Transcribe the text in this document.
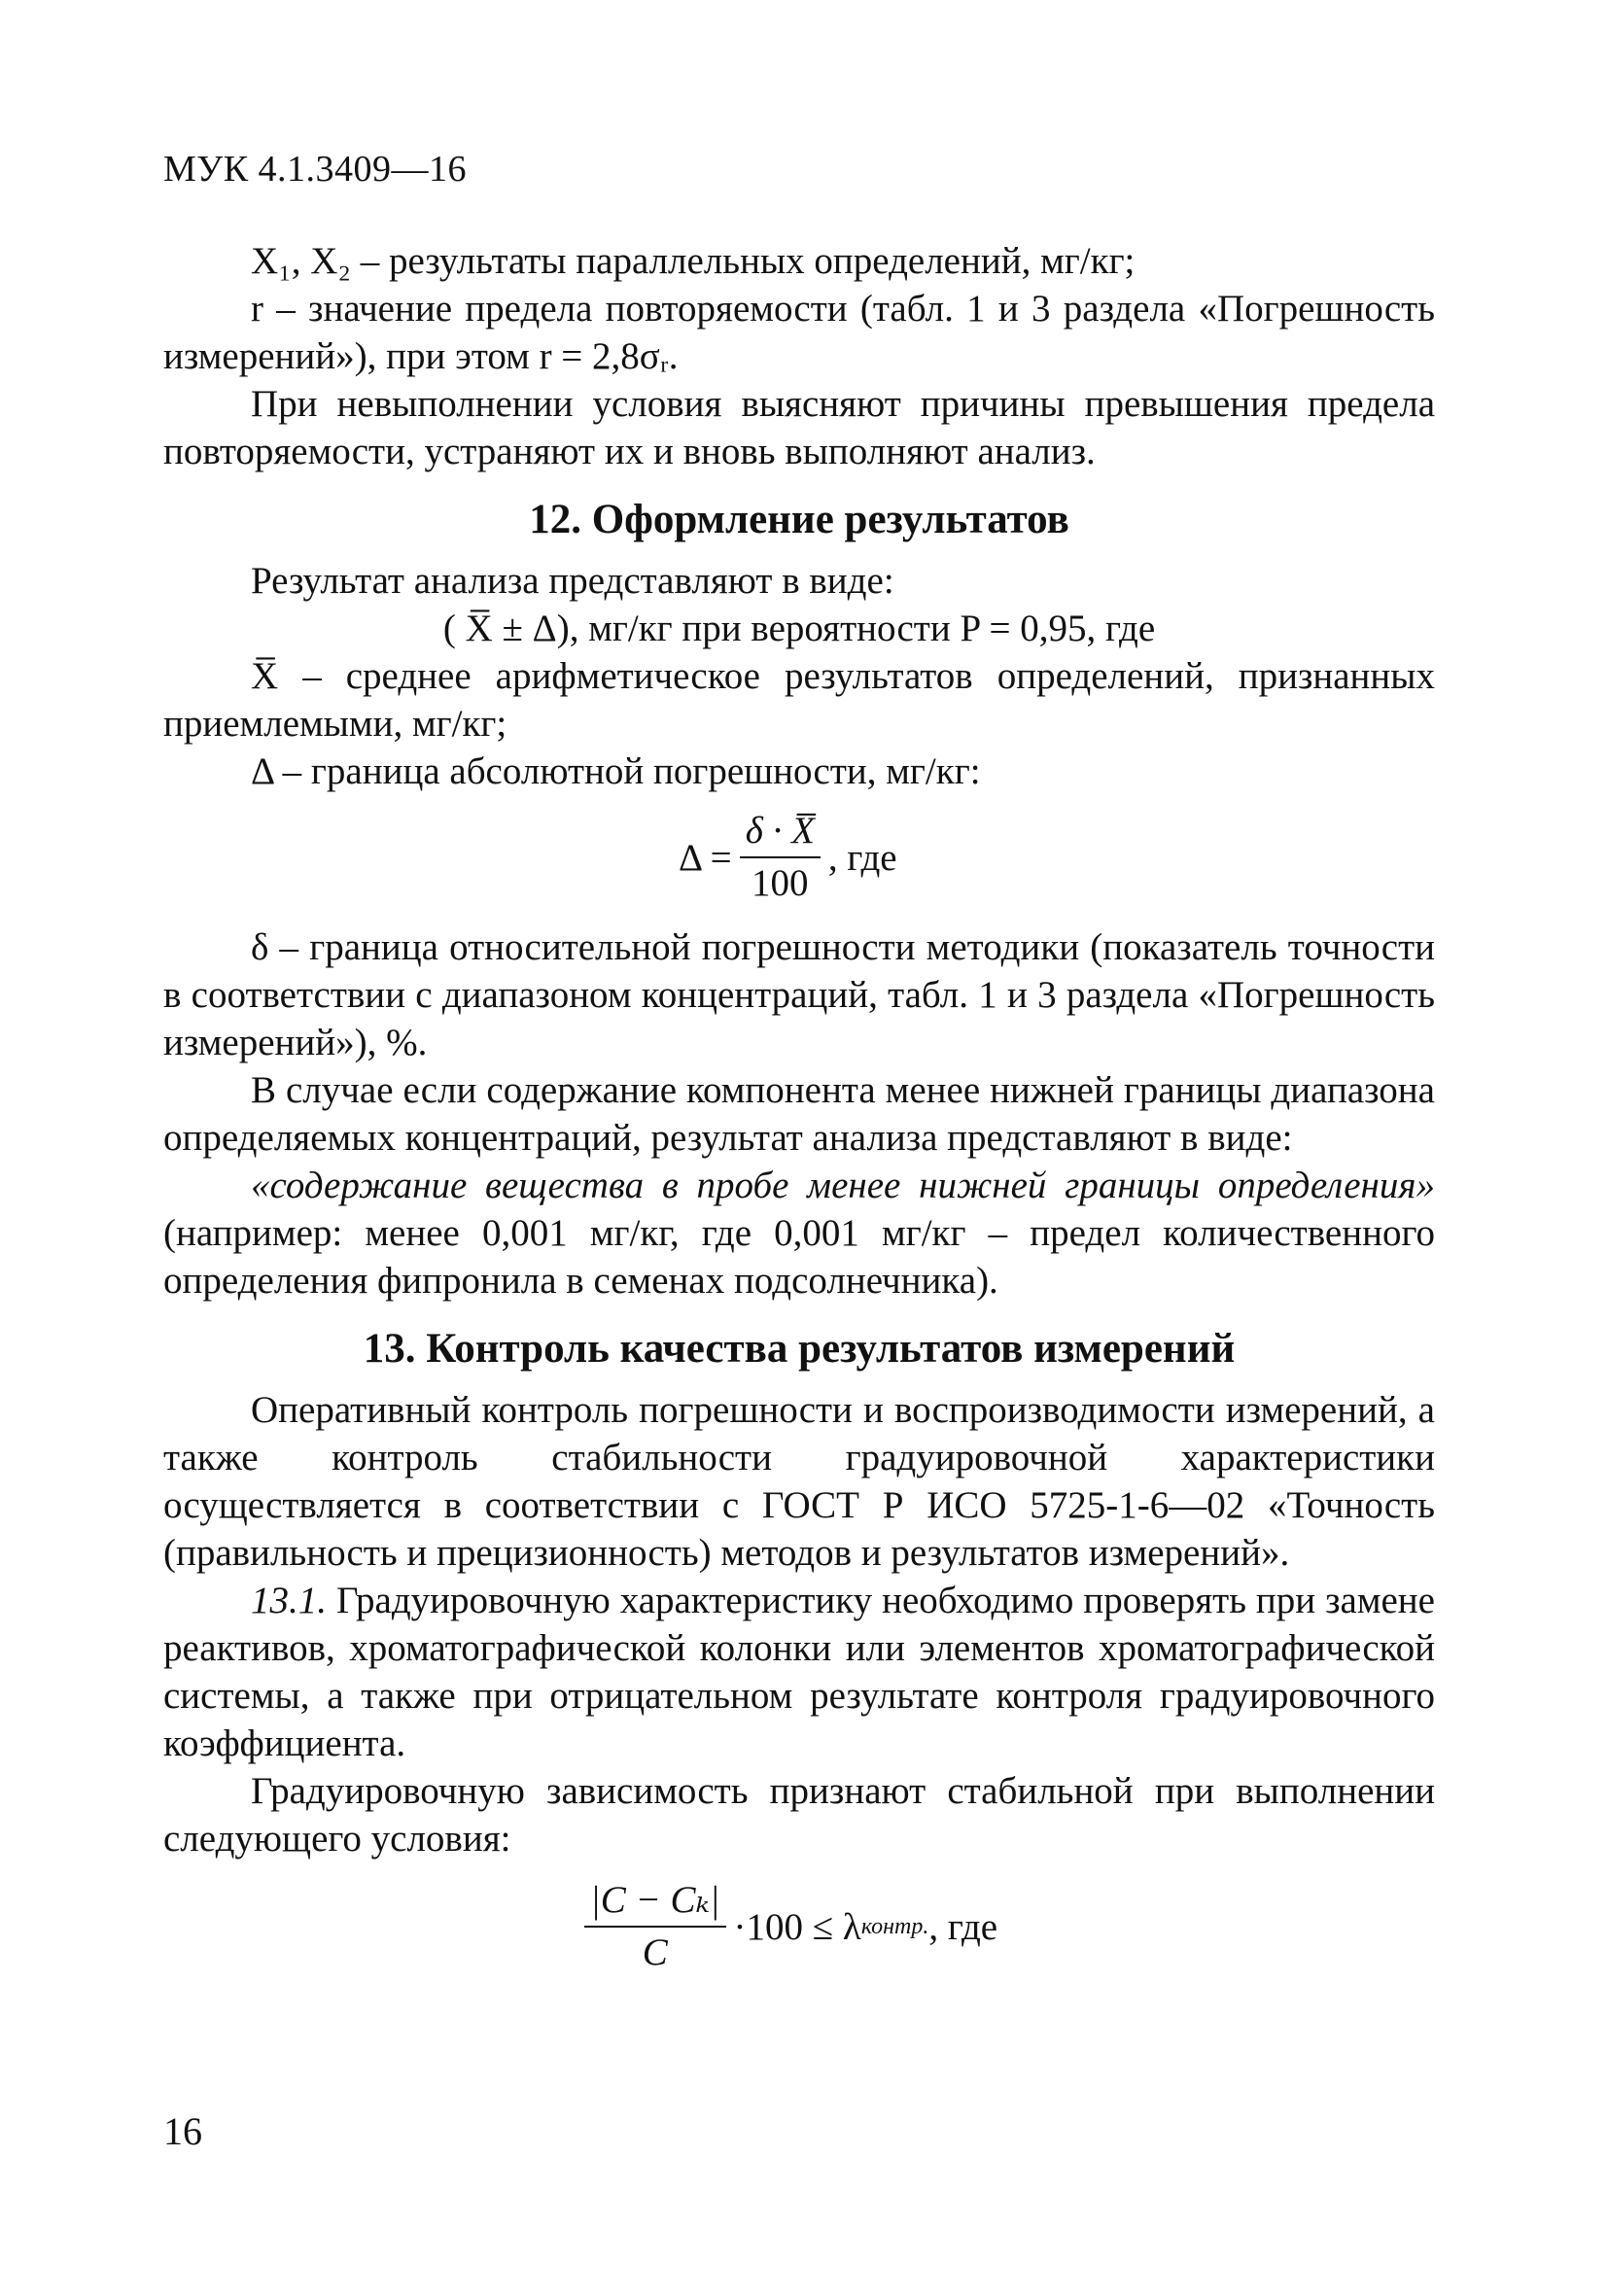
МУК 4.1.3409—16

X₁, X₂ – результаты параллельных определений, мг/кг;

r – значение предела повторяемости (табл. 1 и 3 раздела «Погрешность измерений»), при этом r = 2,8σᵣ.

При невыполнении условия выясняют причины превышения предела повторяемости, устраняют их и вновь выполняют анализ.

12. Оформление результатов

Результат анализа представляют в виде:

( X̅ ± Δ), мг/кг при вероятности P = 0,95, где

X̅ – среднее арифметическое результатов определений, признанных приемлемыми, мг/кг;

Δ – граница абсолютной погрешности, мг/кг:

$\Delta = \frac{\delta \cdot X̅}{100}$ , где

δ – граница относительной погрешности методики (показатель точности в соответствии с диапазоном концентраций, табл. 1 и 3 раздела «Погрешность измерений»), %.

В случае если содержание компонента менее нижней границы диапазона определяемых концентраций, результат анализа представляют в виде:

«содержание вещества в пробе менее нижней границы определения» (например: менее 0,001 мг/кг, где 0,001 мг/кг – предел количественного определения фипронила в семенах подсолнечника).

13. Контроль качества результатов измерений

Оперативный контроль погрешности и воспроизводимости измерений, а также контроль стабильности градуировочной характеристики осуществляется в соответствии с ГОСТ Р ИСО 5725-1-6—02 «Точность (правильность и прецизионность) методов и результатов измерений».

13.1. Градуировочную характеристику необходимо проверять при замене реактивов, хроматографической колонки или элементов хроматографической системы, а также при отрицательном результате контроля градуировочного коэффициента.

Градуировочную зависимость признают стабильной при выполнении следующего условия:

$\frac{\text{|C − Cₖ|}}{C} \cdot 100 \le \lambda$ контр. , где
16
